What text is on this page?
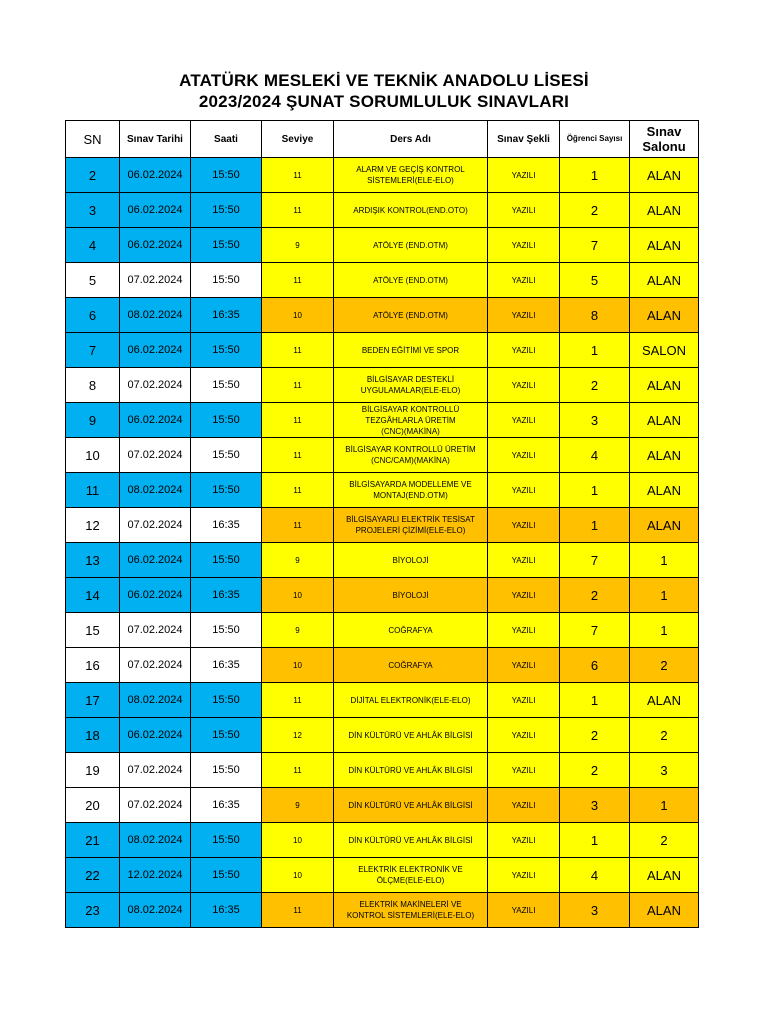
ATATÜRK MESLEKİ VE TEKNİK ANADOLU LİSESİ
2023/2024 ŞUNAT SORUMLULUK SINAVLARI
SN	Sınav Tarihi	Saati	Seviye	Ders Adı	Sınav Şekli	Öğrenci Sayısı	Sınav Salonu
2	06.02.2024	15:50	11	ALARM VE GEÇİŞ KONTROL
SİSTEMLERİ(ELE-ELO)	YAZILI	1	ALAN
3	06.02.2024	15:50	11	ARDIŞIK KONTROL(END.OTO)	YAZILI	2	ALAN
4	06.02.2024	15:50	9	ATÖLYE (END.OTM)	YAZILI	7	ALAN
5	07.02.2024	15:50	11	ATÖLYE (END.OTM)	YAZILI	5	ALAN
6	08.02.2024	16:35	10	ATÖLYE (END.OTM)	YAZILI	8	ALAN
7	06.02.2024	15:50	11	BEDEN EĞİTİMİ VE SPOR	YAZILI	1	SALON
8	07.02.2024	15:50	11	BİLGİSAYAR DESTEKLİ
UYGULAMALAR(ELE-ELO)	YAZILI	2	ALAN
9	06.02.2024	15:50	11	BİLGİSAYAR KONTROLLÜ
TEZGÂHLARLA ÜRETİM
(CNC)(MAKİNA)	YAZILI	3	ALAN
10	07.02.2024	15:50	11	BİLGİSAYAR KONTROLLÜ ÜRETİM
(CNC/CAM)(MAKİNA)	YAZILI	4	ALAN
11	08.02.2024	15:50	11	BİLGİSAYARDA MODELLEME VE
MONTAJ(END.OTM)	YAZILI	1	ALAN
12	07.02.2024	16:35	11	BİLGİSAYARLI ELEKTRİK TESİSAT
PROJELERİ ÇİZİMİ(ELE-ELO)	YAZILI	1	ALAN
13	06.02.2024	15:50	9	BİYOLOJİ	YAZILI	7	1
14	06.02.2024	16:35	10	BİYOLOJİ	YAZILI	2	1
15	07.02.2024	15:50	9	COĞRAFYA	YAZILI	7	1
16	07.02.2024	16:35	10	COĞRAFYA	YAZILI	6	2
17	08.02.2024	15:50	11	DİJİTAL ELEKTRONİK(ELE-ELO)	YAZILI	1	ALAN
18	06.02.2024	15:50	12	DİN KÜLTÜRÜ VE AHLÂK BİLGİSİ	YAZILI	2	2
19	07.02.2024	15:50	11	DİN KÜLTÜRÜ VE AHLÂK BİLGİSİ	YAZILI	2	3
20	07.02.2024	16:35	9	DİN KÜLTÜRÜ VE AHLÂK BİLGİSİ	YAZILI	3	1
21	08.02.2024	15:50	10	DİN KÜLTÜRÜ VE AHLÂK BİLGİSİ	YAZILI	1	2
22	12.02.2024	15:50	10	ELEKTRİK ELEKTRONİK VE
ÖLÇME(ELE-ELO)	YAZILI	4	ALAN
23	08.02.2024	16:35	11	ELEKTRİK MAKİNELERİ VE
KONTROL SİSTEMLERİ(ELE-ELO)	YAZILI	3	ALAN
